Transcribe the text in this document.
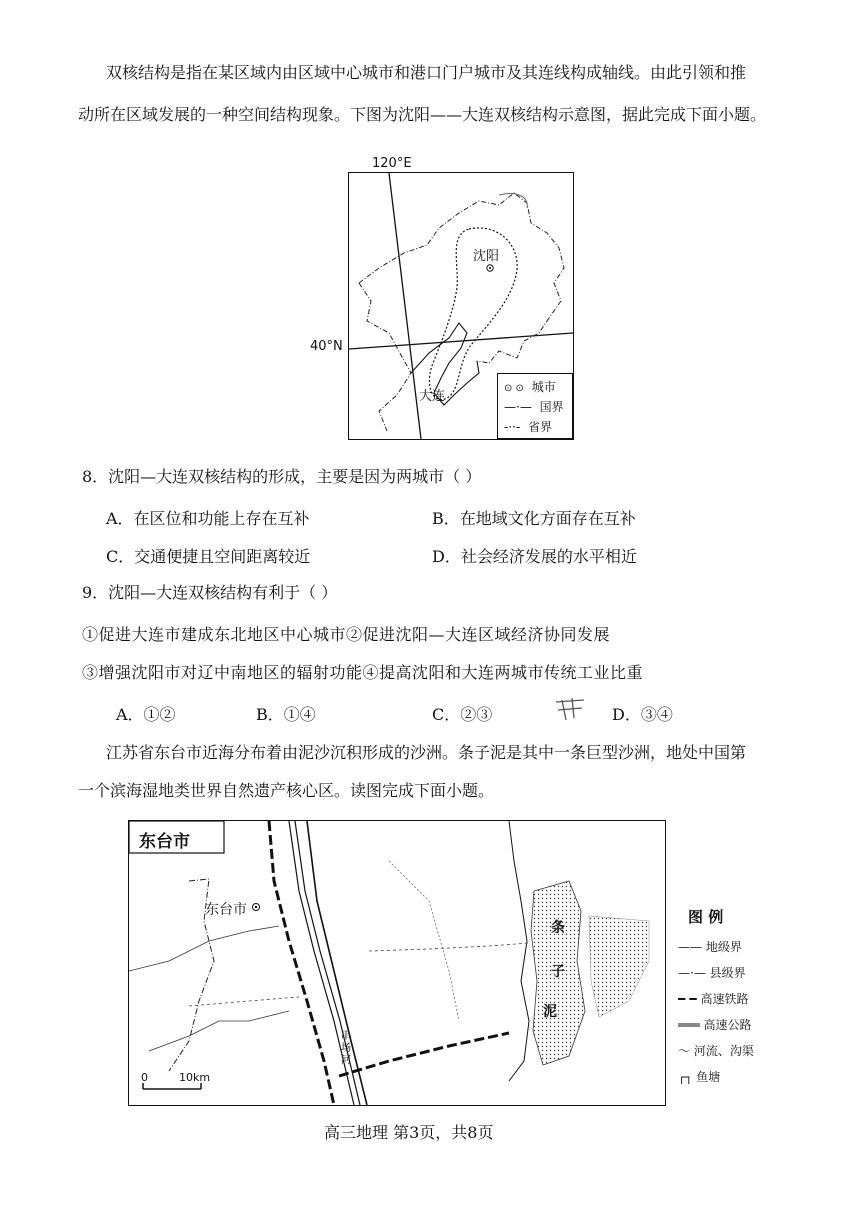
双核结构是指在某区域内由区域中心城市和港口门户城市及其连线构成轴线。由此引领和推
动所在区域发展的一种空间结构现象。下图为沈阳——大连双核结构示意图，据此完成下面小题。
120°E
40°N
沈阳
大连
⊙ ⊙ 城市
—·— 国界
-··- 省界
8．沈阳—大连双核结构的形成，主要是因为两城市（ ）
A．在区位和功能上存在互补	B．在地域文化方面存在互补
C．交通便捷且空间距离较近	D．社会经济发展的水平相近
9．沈阳—大连双核结构有利于（ ）
①促进大连市建成东北地区中心城市②促进沈阳—大连区域经济协同发展
③增强沈阳市对辽中南地区的辐射功能④提高沈阳和大连两城市传统工业比重
A．①②	B．①④	C．②③	D．③④
江苏省东台市近海分布着由泥沙沉积形成的沙洲。条子泥是其中一条巨型沙洲，地处中国第
一个滨海湿地类世界自然遗产核心区。读图完成下面小题。
东台市
东台市
条
子
泥
串
场
河
0	10km
图 例
—— 地级界
—·— 县级界
━ ━ 高速铁路
═══ 高速公路
～ 河流、沟渠
┌┐ 鱼塘
高三地理 第3页，共8页
